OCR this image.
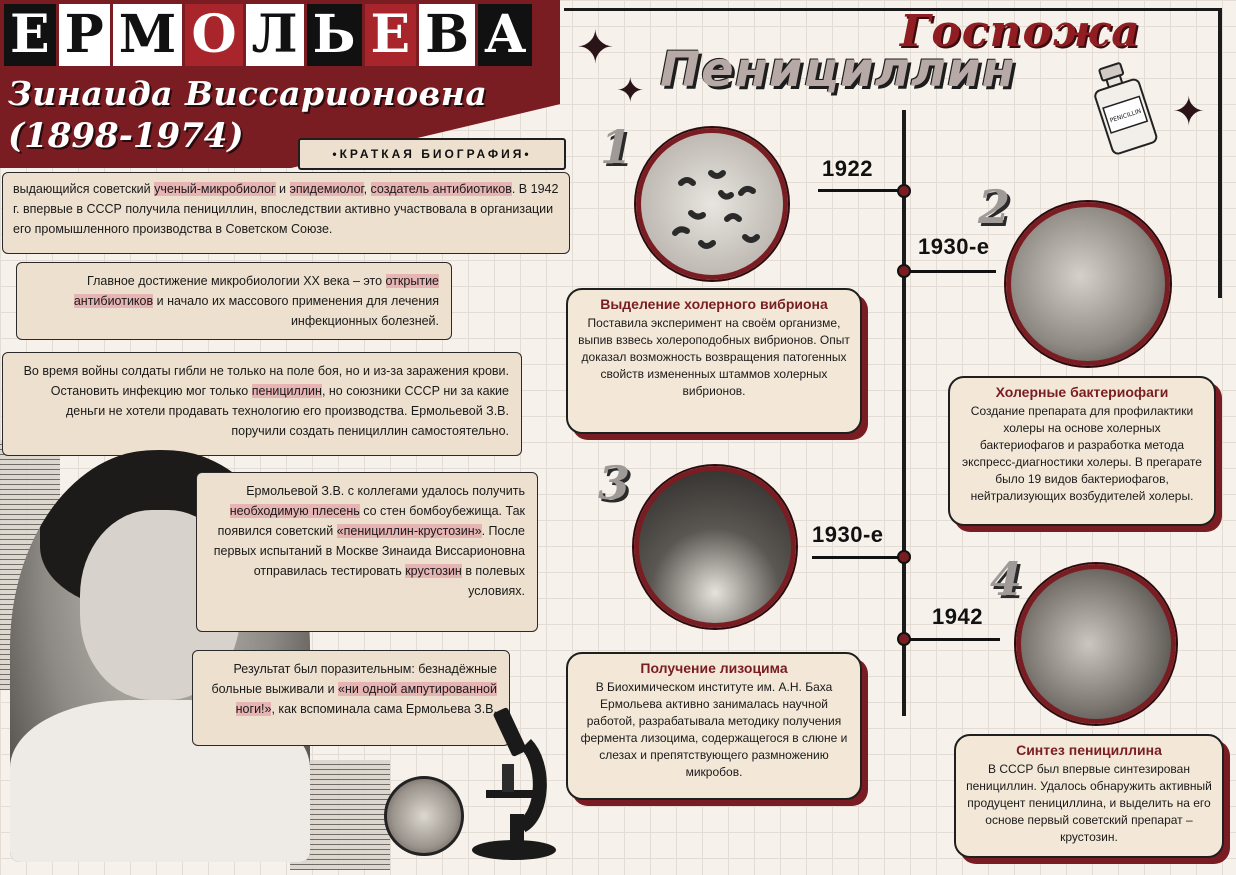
Е Р М О Л Ь Е В А
Зинаида Виссарионовна
(1898-1974)
Госпожа
Пенициллин
✦
✦	✦
PENICILLIN
•КРАТКАЯ БИОГРАФИЯ•
выдающийся советский ученый-микробиолог и эпидемиолог, создатель антибиотиков. В 1942 г. впервые в СССР получила пенициллин, впоследствии активно участвовала в организации его промышленного производства в Советском Союзе.
Главное достижение микробиологии XX века – это открытие антибиотиков и начало их массового применения для лечения инфекционных болезней.
Во время войны солдаты гибли не только на поле боя, но и из-за заражения крови. Остановить инфекцию мог только пенициллин, но союзники СССР ни за какие деньги не хотели продавать технологию его производства. Ермольевой З.В. поручили создать пенициллин самостоятельно.
Ермольевой З.В. с коллегами удалось получить необходимую плесень со стен бомбоубежища. Так появился советский «пенициллин-крустозин». После первых испытаний в Москве Зинаида Виссарионовна отправилась тестировать крустозин в полевых условиях.
Результат был поразительным: безнадёжные больные выживали и «ни одной ампутированной ноги!», как вспоминала сама Ермольева З.В.
1	1922
Выделение холерного вибриона
Поставила эксперимент на своём организме, выпив взвесь холероподобных вибрионов. Опыт доказал возможность возвращения патогенных свойств измененных штаммов холерных вибрионов.
2
1930-е
Холерные бактериофаги
Создание препарата для профилактики холеры на основе холерных бактериофагов и разработка метода экспресс-диагностики холеры. В прегарате было 19 видов бактериофагов, нейтрализующих возбудителей холеры.
3
1930-е
Получение лизоцима
В Биохимическом институте им. А.Н. Баха Ермольева активно занималась научной работой, разрабатывала методику получения фермента лизоцима, содержащегося в слюне и слезах и препятствующего размножению микробов.
4
1942
Синтез пенициллина
В СССР был впервые синтезирован пенициллин. Удалось обнаружить активный продуцент пенициллина, и выделить на его основе первый советский препарат – крустозин.
